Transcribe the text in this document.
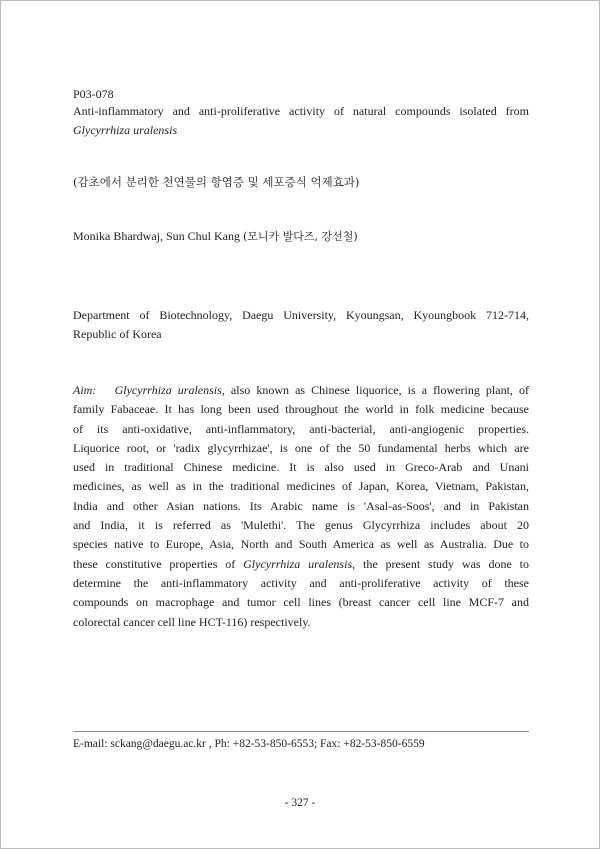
P03-078
Anti-inflammatory and anti-proliferative activity of natural compounds isolated from
Glycyrrhiza uralensis
(감초에서 분리한 천연물의 항염증 및 세포증식 억제효과)
Monika Bhardwaj, Sun Chul Kang (모니카 발다즈, 강선철)
Department of Biotechnology, Daegu University, Kyoungsan, Kyoungbook 712-714,
Republic of Korea
Aim: Glycyrrhiza uralensis, also known as Chinese liquorice, is a flowering plant, of
family Fabaceae. It has long been used throughout the world in folk medicine because
of its anti-oxidative, anti-inflammatory, anti-bacterial, anti-angiogenic properties.
Liquorice root, or 'radix glycyrrhizae', is one of the 50 fundamental herbs which are
used in traditional Chinese medicine. It is also used in Greco-Arab and Unani
medicines, as well as in the traditional medicines of Japan, Korea, Vietnam, Pakistan,
India and other Asian nations. Its Arabic name is 'Asal-as-Soos', and in Pakistan
and India, it is referred as 'Mulethi'. The genus Glycyrrhiza includes about 20
species native to Europe, Asia, North and South America as well as Australia. Due to
these constitutive properties of Glycyrrhiza uralensis, the present study was done to
determine the anti-inflammatory activity and anti-proliferative activity of these
compounds on macrophage and tumor cell lines (breast cancer cell line MCF-7 and
colorectal cancer cell line HCT-116) respectively.
E-mail: sckang@daegu.ac.kr , Ph: +82-53-850-6553; Fax: +82-53-850-6559
- 327 -
